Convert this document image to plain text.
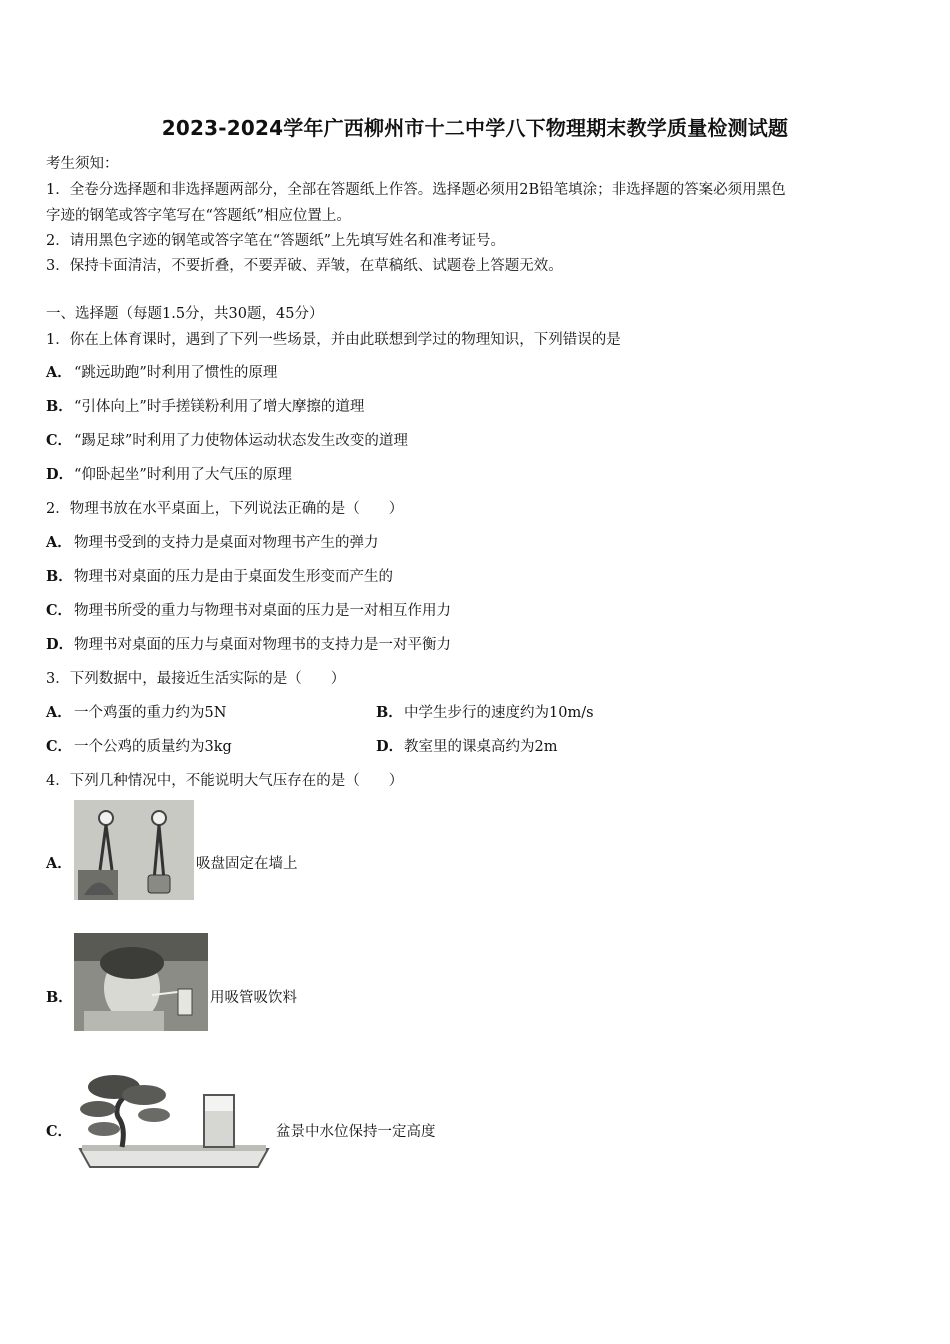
2023-2024学年广西柳州市十二中学八下物理期末教学质量检测试题
考生须知：
1．全卷分选择题和非选择题两部分，全部在答题纸上作答。选择题必须用2B铅笔填涂；非选择题的答案必须用黑色
字迹的钢笔或答字笔写在“答题纸”相应位置上。
2．请用黑色字迹的钢笔或答字笔在“答题纸”上先填写姓名和准考证号。
3．保持卡面清洁，不要折叠，不要弄破、弄皱，在草稿纸、试题卷上答题无效。
一、选择题（每题1.5分，共30题，45分）
1．你在上体育课时，遇到了下列一些场景，并由此联想到学过的物理知识，下列错误的是
A． “跳远助跑”时利用了惯性的原理
B．“引体向上”时手搓镁粉利用了增大摩擦的道理
C． “踢足球”时利用了力使物体运动状态发生改变的道理
D．“仰卧起坐”时利用了大气压的原理
2．物理书放在水平桌面上，下列说法正确的是（　　）
A． 物理书受到的支持力是桌面对物理书产生的弹力
B．物理书对桌面的压力是由于桌面发生形变而产生的
C． 物理书所受的重力与物理书对桌面的压力是一对相互作用力
D．物理书对桌面的压力与桌面对物理书的支持力是一对平衡力
3．下列数据中，最接近生活实际的是（　　）
A． 一个鸡蛋的重力约为5N	B．中学生步行的速度约为10m/s
C． 一个公鸡的质量约为3kg	D．教室里的课桌高约为2m
4．下列几种情况中，不能说明大气压存在的是（　　）
A．	吸盘固定在墙上
B．	用吸管吸饮料
C．	盆景中水位保持一定高度
